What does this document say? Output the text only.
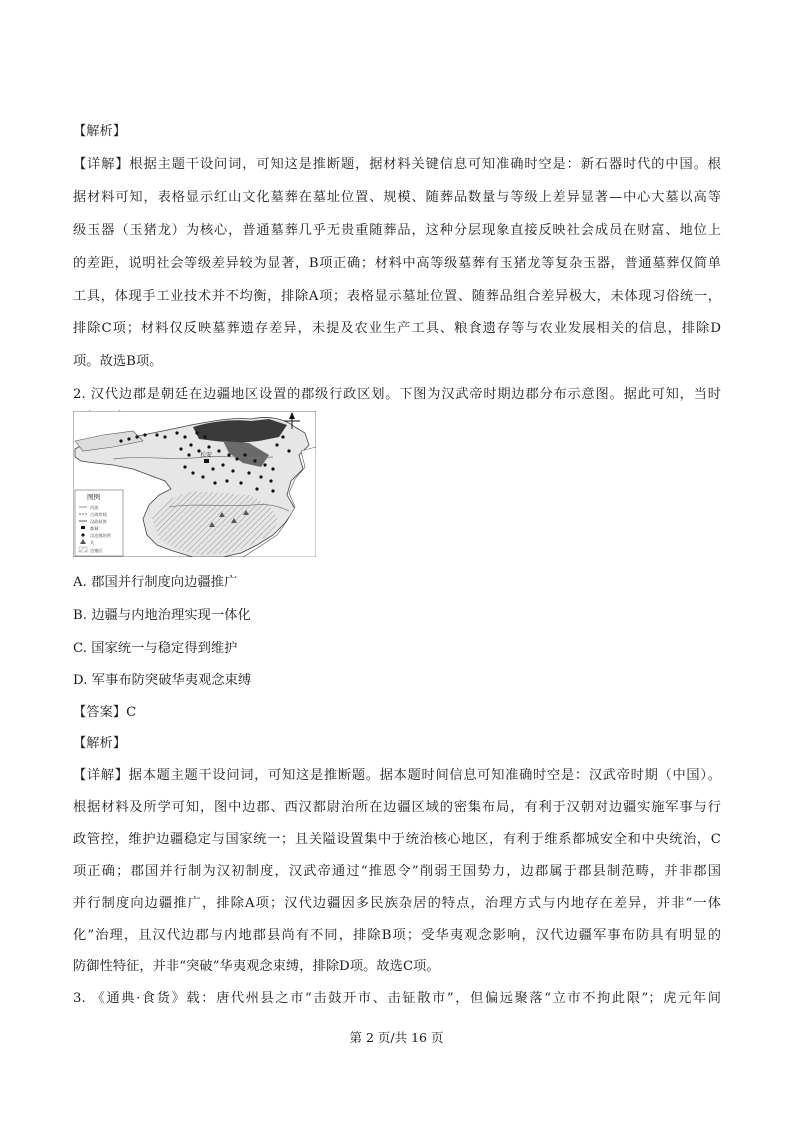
【解析】
【详解】根据主题干设问词，可知这是推断题，据材料关键信息可知准确时空是：新石器时代的中国。根
据材料可知，表格显示红山文化墓葬在墓址位置、规模、随葬品数量与等级上差异显著—中心大墓以高等
级玉器（玉猪龙）为核心，普通墓葬几乎无贵重随葬品，这种分层现象直接反映社会成员在财富、地位上
的差距，说明社会等级差异较为显著，B项正确；材料中高等级墓葬有玉猪龙等复杂玉器，普通墓葬仅简单
工具，体现手工业技术并不均衡，排除A项；表格显示墓址位置、随葬品组合差异极大，未体现习俗统一，
排除C项；材料仅反映墓葬遗存差异，未提及农业生产工具、粮食遗存等与农业发展相关的信息，排除D
项。故选B项。
2. 汉代边郡是朝廷在边疆地区设置的郡级行政区划。下图为汉武帝时期边郡分布示意图。据此可知，当时
长安
图例
河流
古海岸线
汉政权界
都城
汉边郡治所
关
边塞区
A. 郡国并行制度向边疆推广
B. 边疆与内地治理实现一体化
C. 国家统一与稳定得到维护
D. 军事布防突破华夷观念束缚
【答案】C
【解析】
【详解】据本题主题干设问词，可知这是推断题。据本题时间信息可知准确时空是：汉武帝时期（中国）。
根据材料及所学可知，图中边郡、西汉都尉治所在边疆区域的密集布局，有利于汉朝对边疆实施军事与行
政管控，维护边疆稳定与国家统一；且关隘设置集中于统治核心地区，有利于维系都城安全和中央统治，C
项正确；郡国并行制为汉初制度，汉武帝通过“推恩令”削弱王国势力，边郡属于郡县制范畴，并非郡国
并行制度向边疆推广，排除A项；汉代边疆因多民族杂居的特点，治理方式与内地存在差异，并非“一体
化”治理，且汉代边郡与内地郡县尚有不同，排除B项；受华夷观念影响，汉代边疆军事布防具有明显的
防御性特征，并非“突破”华夷观念束缚，排除D项。故选C项。
3. 《通典·食货》载：唐代州县之市“击鼓开市、击钲散市”，但偏远聚落“立市不拘此限”；虎元年间
第 2 页/共 16 页
